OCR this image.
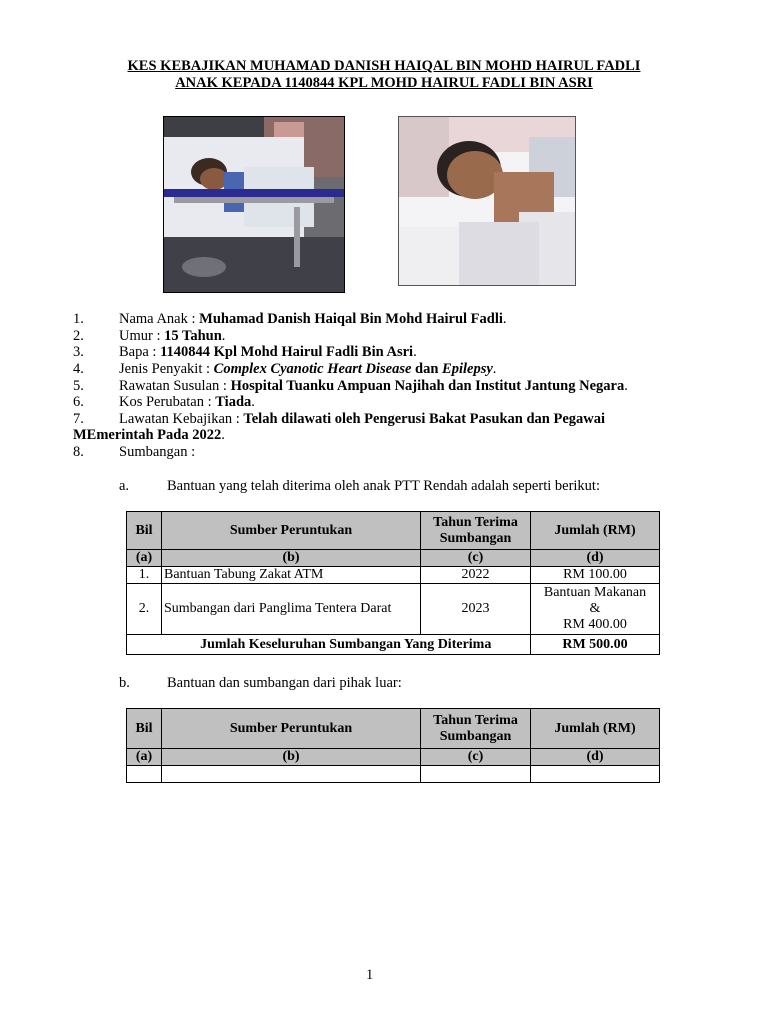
KES KEBAJIKAN MUHAMAD DANISH HAIQAL BIN MOHD HAIRUL FADLI
ANAK KEPADA 1140844 KPL MOHD HAIRUL FADLI BIN ASRI
1. Nama Anak : Muhamad Danish Haiqal Bin Mohd Hairul Fadli.
2. Umur : 15 Tahun.
3. Bapa : 1140844 Kpl Mohd Hairul Fadli Bin Asri.
4. Jenis Penyakit : Complex Cyanotic Heart Disease dan Epilepsy.
5. Rawatan Susulan : Hospital Tuanku Ampuan Najihah dan Institut Jantung Negara.
6. Kos Perubatan : Tiada.
7. Lawatan Kebajikan : Telah dilawati oleh Pengerusi Bakat Pasukan dan Pegawai
MEmerintah Pada 2022.
8. Sumbangan :
a.	Bantuan yang telah diterima oleh anak PTT Rendah adalah seperti berikut:
Bil	Sumber Peruntukan	Tahun Terima Sumbangan	Jumlah (RM)
(a)	(b)	(c)	(d)
1.	Bantuan Tabung Zakat ATM	2022	RM 100.00
2.	Sumbangan dari Panglima Tentera Darat	2023	Bantuan Makanan
&
RM 400.00

	Jumlah Keseluruhan Sumbangan Yang Diterima		RM 500.00
b.	Bantuan dan sumbangan dari pihak luar:
Bil	Sumber Peruntukan	Tahun Terima Sumbangan	Jumlah (RM)
(a)	(b)	(c)	(d)

1
